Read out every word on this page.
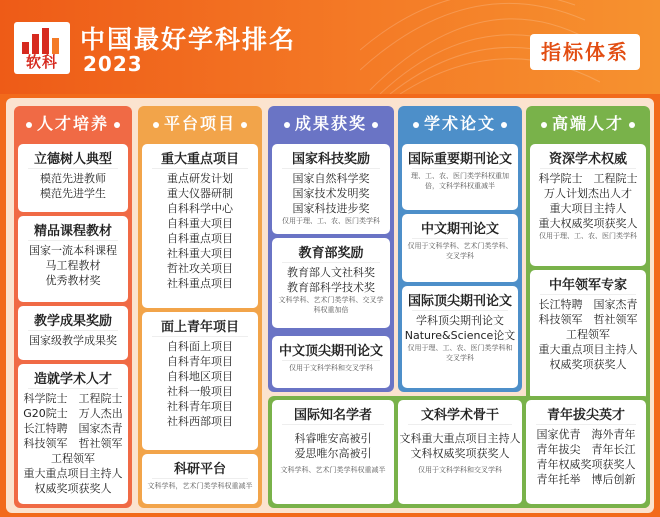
软科
中国最好学科排名
2023	指标体系
人才培养
立德树人典型
模范先进教师
模范先进学生
精品课程教材
国家一流本科课程
马工程教材
优秀教材奖
教学成果奖励
国家级教学成果奖
造就学术人才
科学院士　工程院士
G20院士　万人杰出
长江特聘　国家杰青
科技领军　哲社领军
工程领军
重大重点项目主持人
权威奖项获奖人
平台项目
重大重点项目
重点研发计划
重大仪器研制
自科科学中心
自科重大项目
自科重点项目
社科重大项目
哲社攻关项目
社科重点项目
面上青年项目
自科面上项目
自科青年项目
自科地区项目
社科一般项目
社科青年项目
社科西部项目
科研平台
文科学科，艺术门类学科权重减半
成果获奖
国家科技奖励
国家自然科学奖
国家技术发明奖
国家科技进步奖
仅用于理、工、农、医门类学科
教育部奖励
教育部人文社科奖
教育部科学技术奖
文科学科、艺术门类学科、交叉学科权重加倍
中文顶尖期刊论文
仅用于文科学科和交叉学科
学术论文
国际重要期刊论文
理、工、农、医门类学科权重加倍，文科学科权重减半
中文期刊论文
仅用于文科学科、艺术门类学科、交叉学科
国际顶尖期刊论文
学科顶尖期刊论文
Nature&Science论文
仅用于理、工、农、医门类学科和交叉学科
高端人才
资深学术权威
科学院士　工程院士
万人计划杰出人才
重大项目主持人
重大权威奖项获奖人
仅用于理、工、农、医门类学科
中年领军专家
长江特聘　国家杰青
科技领军　哲社领军
工程领军
重大重点项目主持人
权威奖项获奖人
国际知名学者
科睿唯安高被引
爱思唯尔高被引
文科学科、艺术门类学科权重减半
文科学术骨干
文科重大重点项目主持人
文科权威奖项获奖人
仅用于文科学科和交叉学科
青年拔尖英才
国家优青　海外青年
青年拔尖　青年长江
青年权威奖项获奖人
青年托举　博后创新
